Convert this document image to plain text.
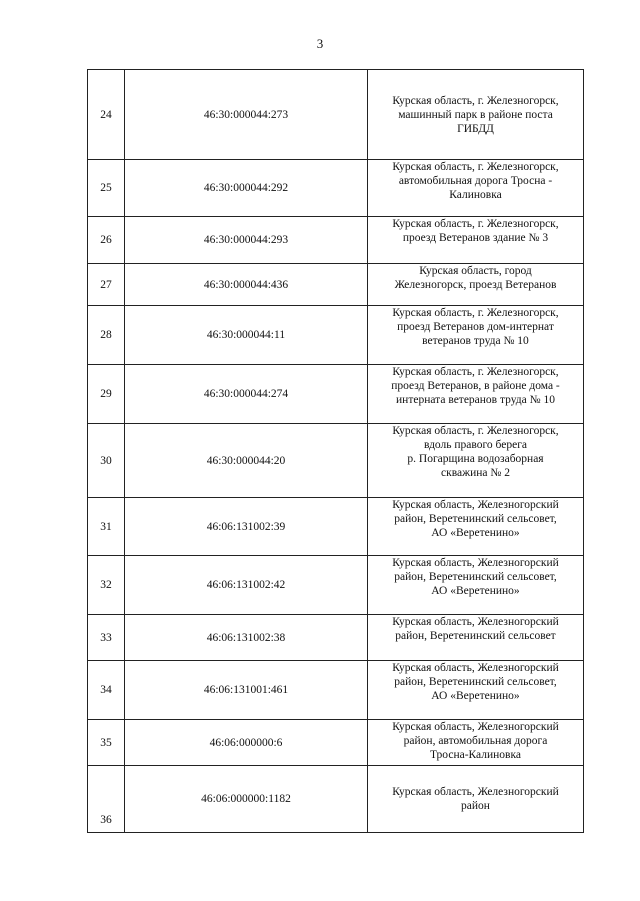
3
24	46:30:000044:273	Курская область, г. Железногорск,
машинный парк в районе поста
ГИБДД

25	46:30:000044:292	Курская область, г. Железногорск,
автомобильная дорога Тросна -
Калиновка

26	46:30:000044:293	Курская область, г. Железногорск,
проезд Ветеранов здание № 3

27	46:30:000044:436	Курская область, город
Железногорск, проезд Ветеранов

28	46:30:000044:11	Курская область, г. Железногорск,
проезд Ветеранов дом-интернат
ветеранов труда № 10

29	46:30:000044:274	Курская область, г. Железногорск,
проезд Ветеранов, в районе дома -
интерната ветеранов труда № 10

30	46:30:000044:20	Курская область, г. Железногорск,
вдоль правого берега
р. Погарщина водозаборная
скважина № 2

31	46:06:131002:39	Курская область, Железногорский
район, Веретенинский сельсовет,
АО «Веретенино»

32	46:06:131002:42	Курская область, Железногорский
район, Веретенинский сельсовет,
АО «Веретенино»

33	46:06:131002:38	Курская область, Железногорский
район, Веретенинский сельсовет

34	46:06:131001:461	Курская область, Железногорский
район, Веретенинский сельсовет,
АО «Веретенино»

35	46:06:000000:6	Курская область, Железногорский
район, автомобильная дорога
Тросна-Калиновка

36	46:06:000000:1182	Курская область, Железногорский
район
